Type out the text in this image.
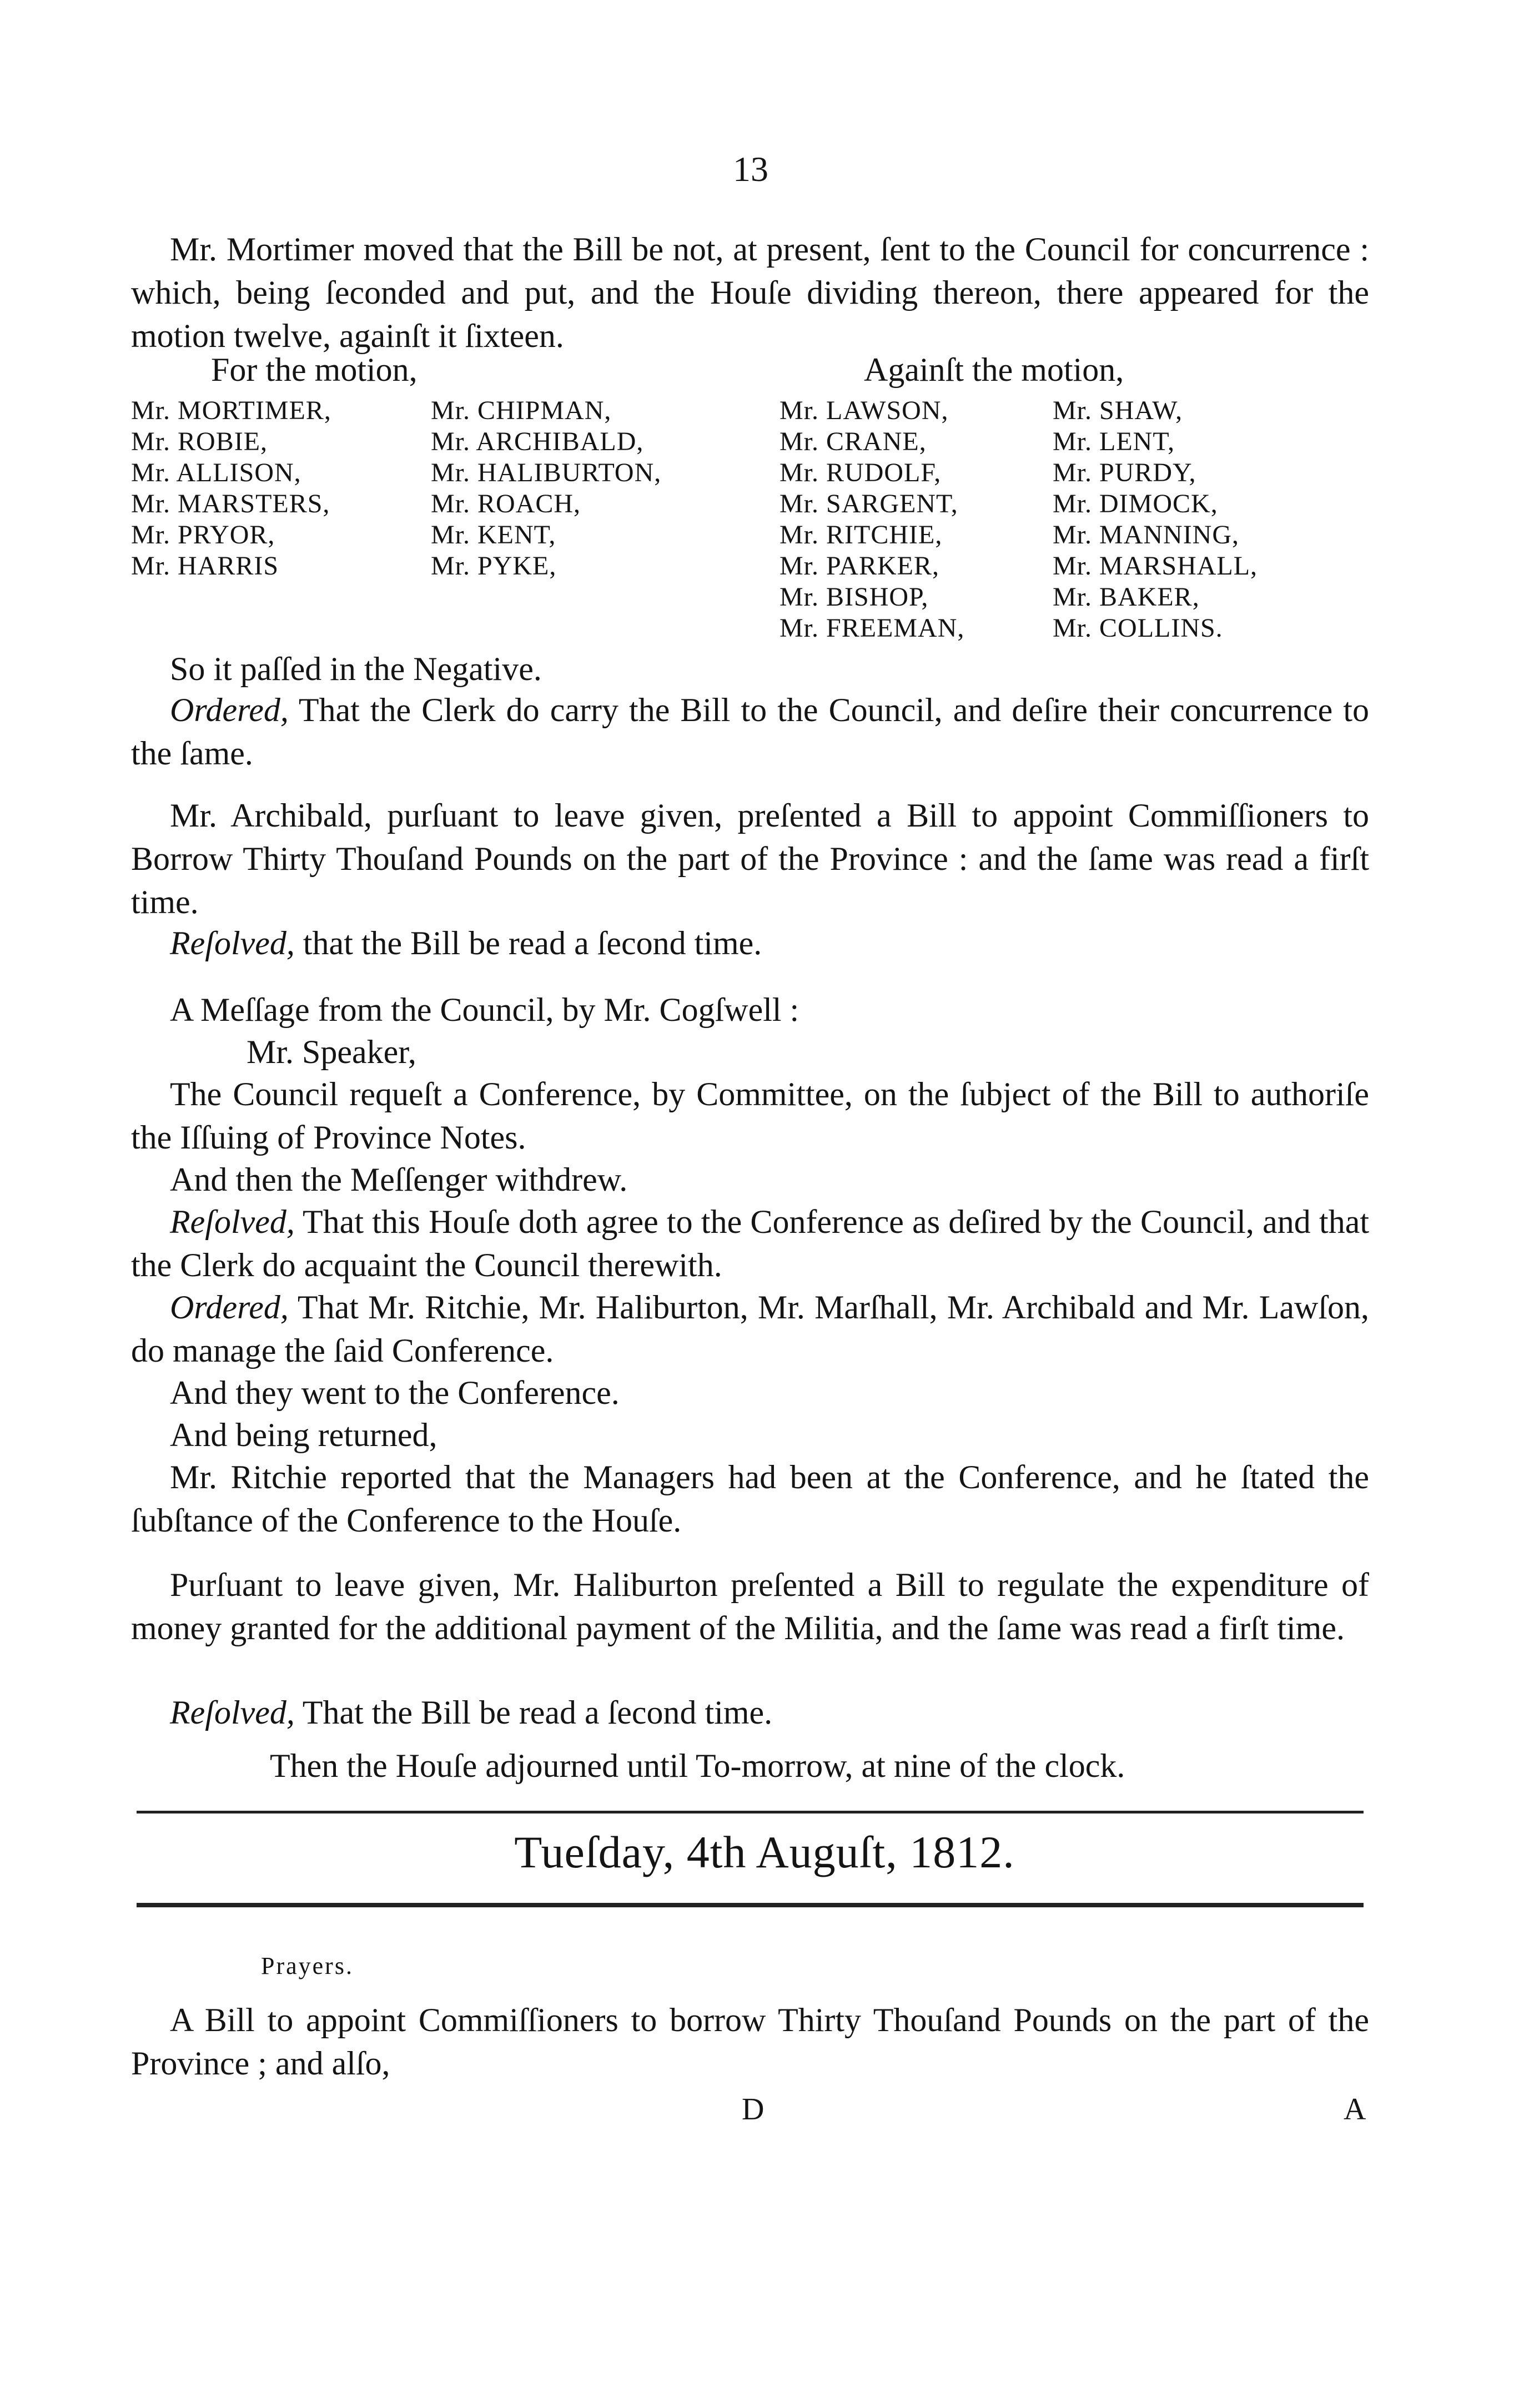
13

Mr. Mortimer moved that the Bill be not, at present, ſent to the Council for concurrence : which, being ſeconded and put, and the Houſe dividing thereon, there appeared for the motion twelve, againſt it ſixteen.

For the motion,	Againſt the motion,
Mr. MORTIMER,
Mr. ROBIE,
Mr. ALLISON,
Mr. MARSTERS,
Mr. PRYOR,
Mr. HARRIS
Mr. CHIPMAN,
Mr. ARCHIBALD,
Mr. HALIBURTON,
Mr. ROACH,
Mr. KENT,
Mr. PYKE,
Mr. LAWSON,
Mr. CRANE,
Mr. RUDOLF,
Mr. SARGENT,
Mr. RITCHIE,
Mr. PARKER,
Mr. BISHOP,
Mr. FREEMAN,
Mr. SHAW,
Mr. LENT,
Mr. PURDY,
Mr. DIMOCK,
Mr. MANNING,
Mr. MARSHALL,
Mr. BAKER,
Mr. COLLINS.

So it paſſed in the Negative.

Ordered, That the Clerk do carry the Bill to the Council, and deſire their concurrence to the ſame.

Mr. Archibald, purſuant to leave given, preſented a Bill to appoint Commiſſioners to Borrow Thirty Thouſand Pounds on the part of the Province : and the ſame was read a firſt time.

Reſolved, that the Bill be read a ſecond time.

A Meſſage from the Council, by Mr. Cogſwell :

Mr. Speaker,

The Council requeſt a Conference, by Committee, on the ſubject of the Bill to authoriſe the Iſſuing of Province Notes.

And then the Meſſenger withdrew.

Reſolved, That this Houſe doth agree to the Conference as deſired by the Council, and that the Clerk do acquaint the Council therewith.

Ordered, That Mr. Ritchie, Mr. Haliburton, Mr. Marſhall, Mr. Archibald and Mr. Lawſon, do manage the ſaid Conference.

And they went to the Conference.

And being returned,

Mr. Ritchie reported that the Managers had been at the Conference, and he ſtated the ſubſtance of the Conference to the Houſe.

Purſuant to leave given, Mr. Haliburton preſented a Bill to regulate the expenditure of money granted for the additional payment of the Militia, and the ſame was read a firſt time.

Reſolved, That the Bill be read a ſecond time.

Then the Houſe adjourned until To-morrow, at nine of the clock.
Tueſday, 4th Auguſt, 1812.
Prayers.

A Bill to appoint Commiſſioners to borrow Thirty Thouſand Pounds on the part of the Province ; and alſo,

D	A
